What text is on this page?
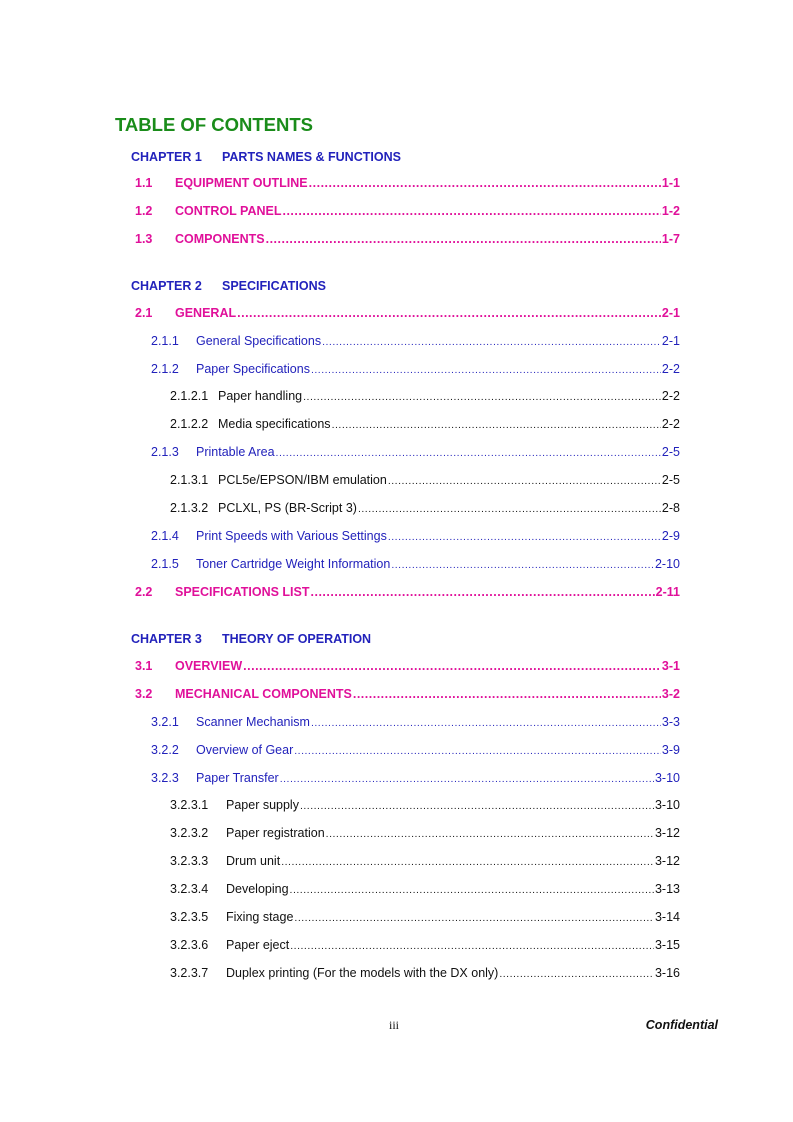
TABLE OF CONTENTS
CHAPTER 1 PARTS NAMES & FUNCTIONS
1.1	EQUIPMENT OUTLINE .....	1-1
1.2	CONTROL PANEL .....	1-2
1.3	COMPONENTS .....	1-7
CHAPTER 2 SPECIFICATIONS
2.1	GENERAL .....	2-1
2.1.1	General Specifications .....	2-1
2.1.2	Paper Specifications .....	2-2
2.1.2.1 Paper handling .....	2-2
2.1.2.2 Media specifications .....	2-2
2.1.3	Printable Area .....	2-5
2.1.3.1 PCL5e/EPSON/IBM emulation .....	2-5
2.1.3.2 PCLXL, PS (BR-Script 3) .....	2-8
2.1.4	Print Speeds with Various Settings .....	2-9
2.1.5	Toner Cartridge Weight Information .....	2-10
2.2	SPECIFICATIONS LIST .....	2-11
CHAPTER 3 THEORY OF OPERATION
3.1	OVERVIEW .....	3-1
3.2	MECHANICAL COMPONENTS .....	3-2
3.2.1	Scanner Mechanism .....	3-3
3.2.2	Overview of Gear .....	3-9
3.2.3	Paper Transfer .....	3-10
3.2.3.1	Paper supply .....	3-10
3.2.3.2	Paper registration .....	3-12
3.2.3.3	Drum unit .....	3-12
3.2.3.4	Developing .....	3-13
3.2.3.5	Fixing stage .....	3-14
3.2.3.6	Paper eject .....	3-15
3.2.3.7	Duplex printing (For the models with the DX only) .....	3-16
iii	Confidential
